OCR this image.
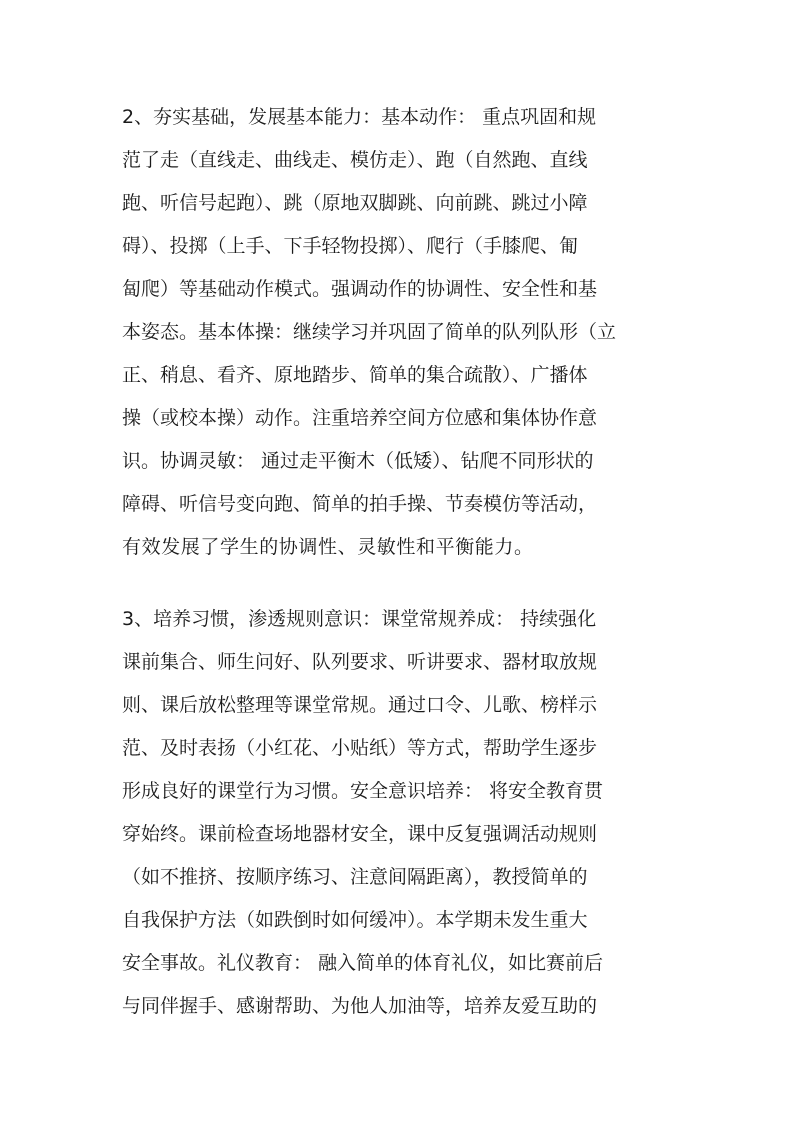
2、夯实基础，发展基本能力：基本动作： 重点巩固和规
范了走（直线走、曲线走、模仿走）、跑（自然跑、直线
跑、听信号起跑）、跳（原地双脚跳、向前跳、跳过小障
碍）、投掷（上手、下手轻物投掷）、爬行（手膝爬、匍
匐爬）等基础动作模式。强调动作的协调性、安全性和基
本姿态。基本体操：继续学习并巩固了简单的队列队形（立
正、稍息、看齐、原地踏步、简单的集合疏散）、广播体
操（或校本操）动作。注重培养空间方位感和集体协作意
识。协调灵敏： 通过走平衡木（低矮）、钻爬不同形状的
障碍、听信号变向跑、简单的拍手操、节奏模仿等活动，
有效发展了学生的协调性、灵敏性和平衡能力。
3、培养习惯，渗透规则意识：课堂常规养成： 持续强化
课前集合、师生问好、队列要求、听讲要求、器材取放规
则、课后放松整理等课堂常规。通过口令、儿歌、榜样示
范、及时表扬（小红花、小贴纸）等方式，帮助学生逐步
形成良好的课堂行为习惯。安全意识培养： 将安全教育贯
穿始终。课前检查场地器材安全，课中反复强调活动规则
（如不推挤、按顺序练习、注意间隔距离），教授简单的
自我保护方法（如跌倒时如何缓冲）。本学期未发生重大
安全事故。礼仪教育： 融入简单的体育礼仪，如比赛前后
与同伴握手、感谢帮助、为他人加油等，培养友爱互助的
